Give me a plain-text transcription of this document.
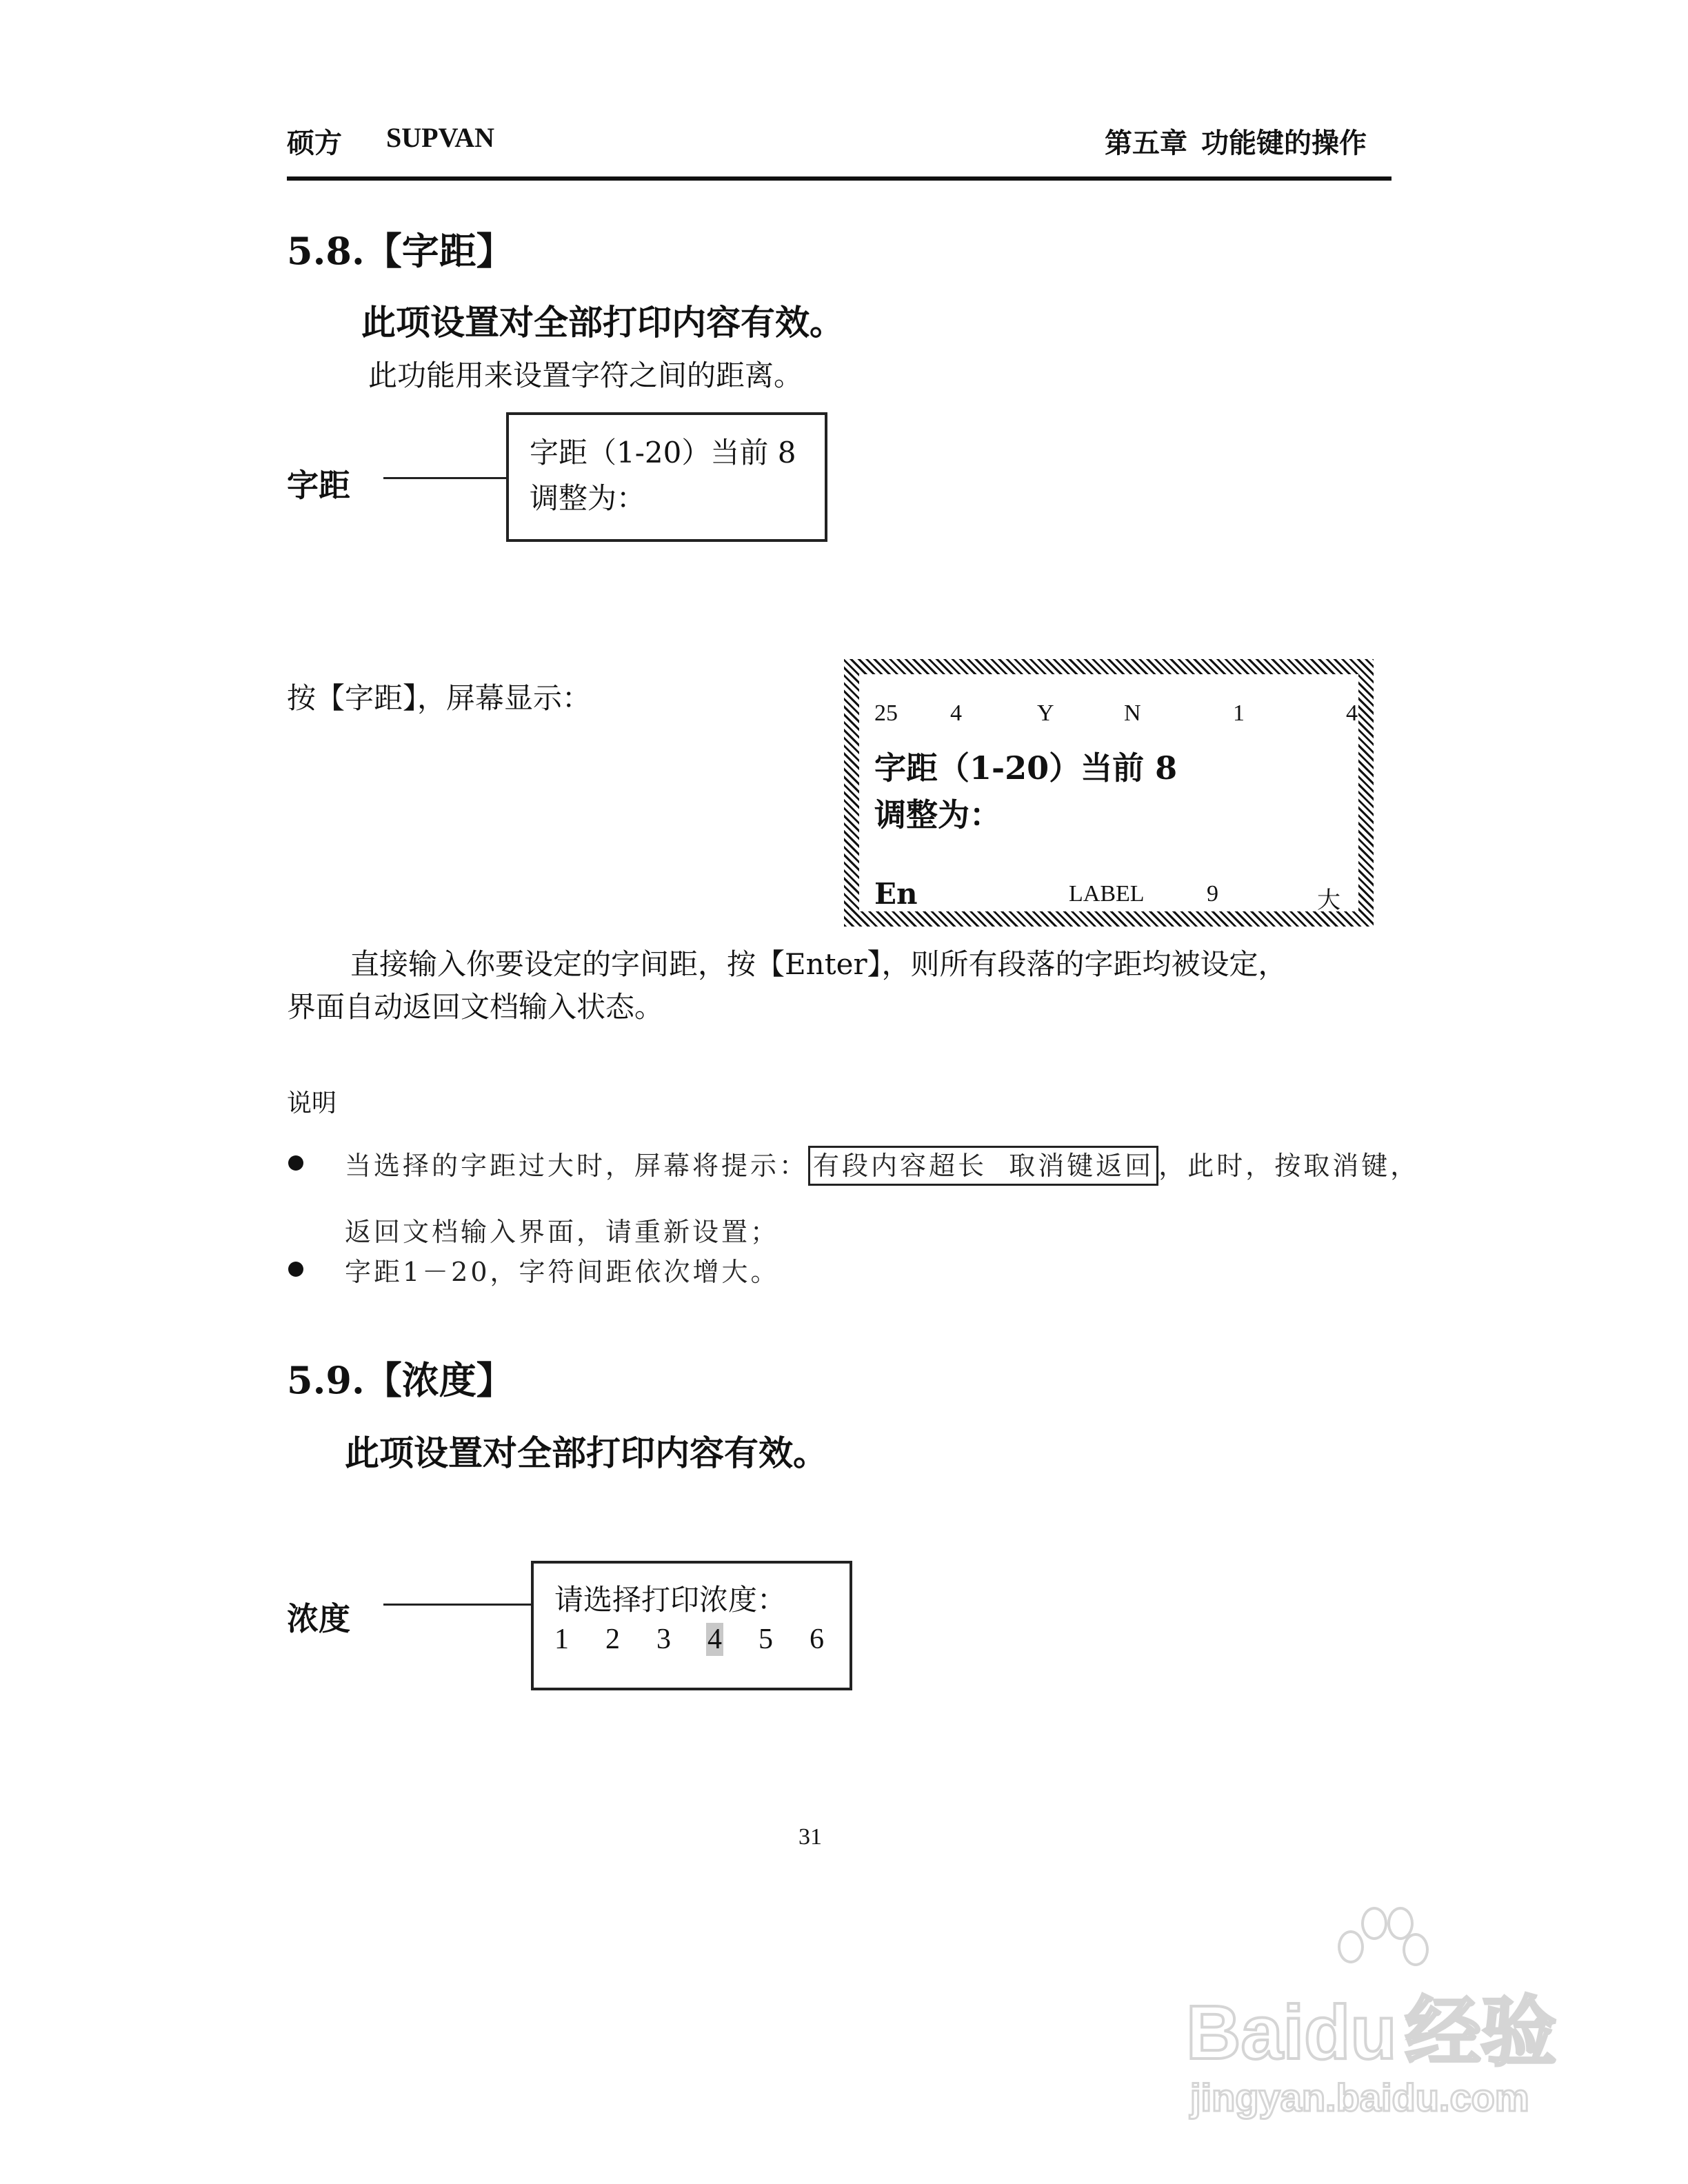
硕方 SUPVAN	第五章  功能键的操作
5.8.【字距】
此项设置对全部打印内容有效。
此功能用来设置字符之间的距离。
字距
字距（1-20）当前 8
调整为：
按【字距】，屏幕显示：	25 4	Y	N	1	4
字距（1-20）当前 8
调整为：
En	LABEL	9	大
直接输入你要设定的字间距，按【Enter】，则所有段落的字距均被设定，
界面自动返回文档输入状态。
说明
当选择的字距过大时，屏幕将提示： 有段内容超长  取消键返回 ，此时，按取消键，
返回文档输入界面，请重新设置；
字距1－20，字符间距依次增大。
5.9.【浓度】
此项设置对全部打印内容有效。
浓度
请选择打印浓度：
1 2 3 4 5 6
31
Baidu 经验
jingyan.baidu.com
